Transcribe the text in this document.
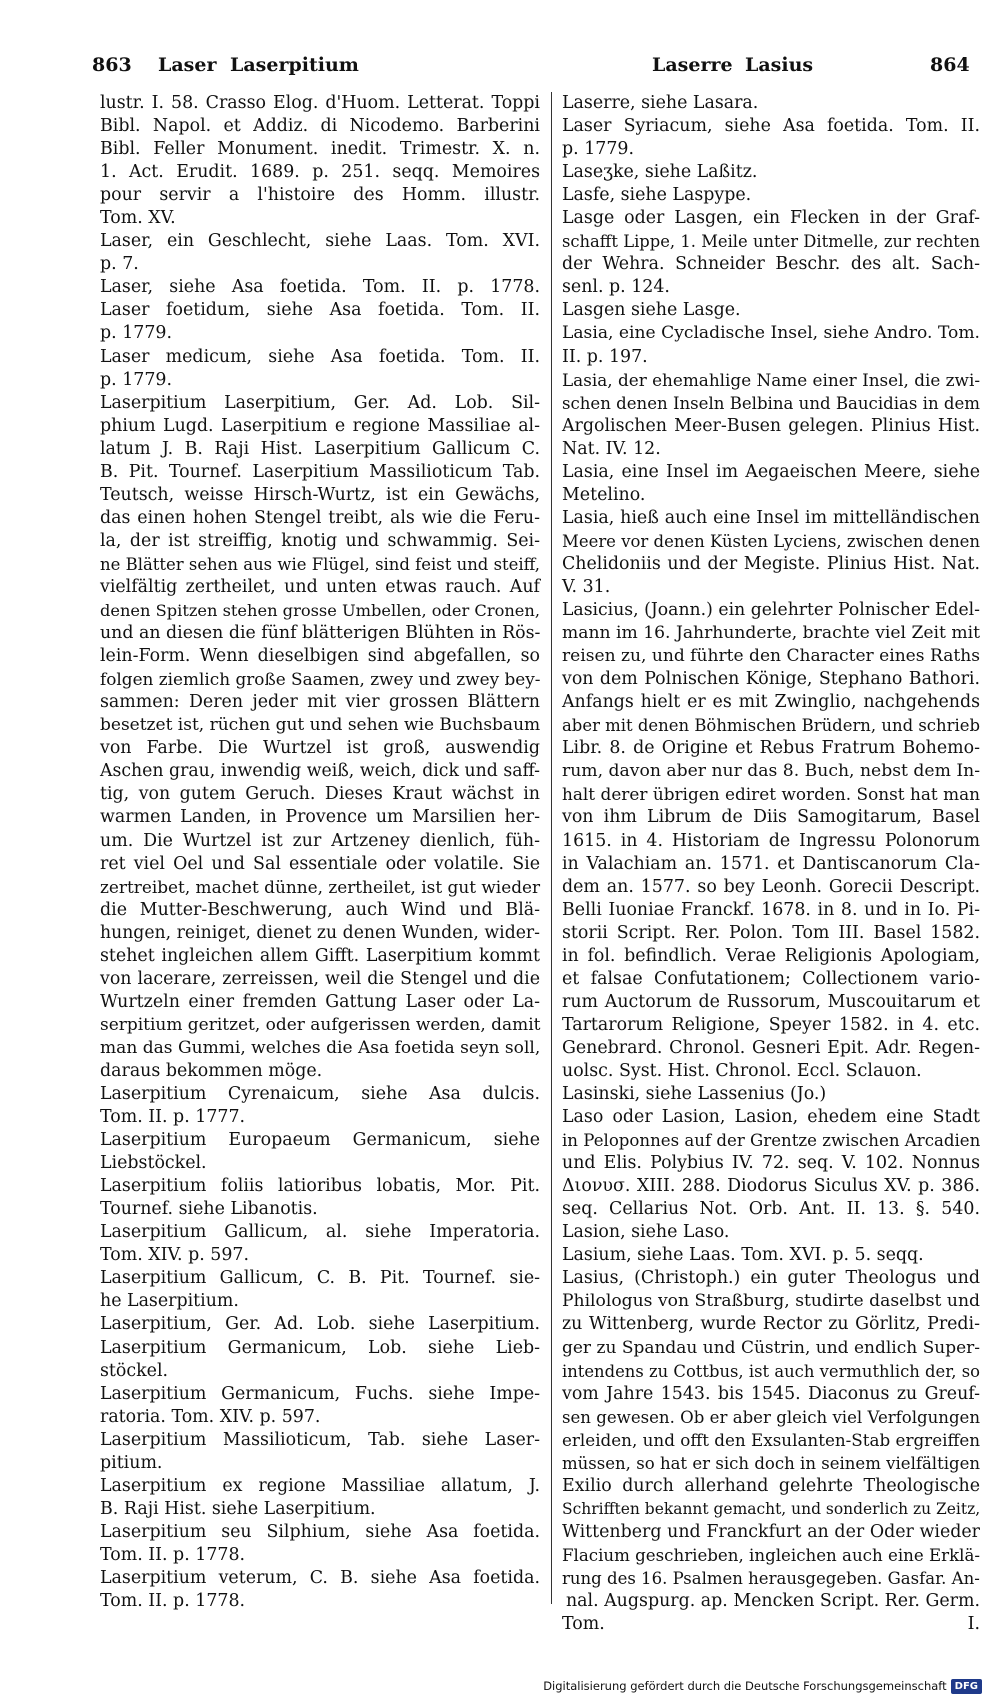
863 Laser Laserpitium	Laserre Lasius	864
lustr. I. 58. Crasso Elog. d'Huom. Letterat. Toppi
Bibl. Napol. et Addiz. di Nicodemo. Barberini
Bibl. Feller Monument. inedit. Trimestr. X. n.
1. Act. Erudit. 1689. p. 251. seqq. Memoires
pour servir a l'histoire des Homm. illustr.
Tom. XV.
Laser, ein Geschlecht, siehe Laas. Tom. XVI.
p. 7.
Laser, siehe Asa foetida. Tom. II. p. 1778.
Laser foetidum, siehe Asa foetida. Tom. II.
p. 1779.
Laser medicum, siehe Asa foetida. Tom. II.
p. 1779.
Laserpitium Laserpitium, Ger. Ad. Lob. Sil-
phium Lugd. Laserpitium e regione Massiliae al-
latum J. B. Raji Hist. Laserpitium Gallicum C.
B. Pit. Tournef. Laserpitium Massilioticum Tab.
Teutsch, weisse Hirsch-Wurtz, ist ein Gewächs,
das einen hohen Stengel treibt, als wie die Feru-
la, der ist streiffig, knotig und schwammig. Sei-
ne Blätter sehen aus wie Flügel, sind feist und steiff,
vielfältig zertheilet, und unten etwas rauch. Auf
denen Spitzen stehen grosse Umbellen, oder Cronen,
und an diesen die fünf blätterigen Blühten in Rös-
lein-Form. Wenn dieselbigen sind abgefallen, so
folgen ziemlich große Saamen, zwey und zwey bey-
sammen: Deren jeder mit vier grossen Blättern
besetzet ist, rüchen gut und sehen wie Buchsbaum
von Farbe. Die Wurtzel ist groß, auswendig
Aschen grau, inwendig weiß, weich, dick und saff-
tig, von gutem Geruch. Dieses Kraut wächst in
warmen Landen, in Provence um Marsilien her-
um. Die Wurtzel ist zur Artzeney dienlich, füh-
ret viel Oel und Sal essentiale oder volatile. Sie
zertreibet, machet dünne, zertheilet, ist gut wieder
die Mutter-Beschwerung, auch Wind und Blä-
hungen, reiniget, dienet zu denen Wunden, wider-
stehet ingleichen allem Gifft. Laserpitium kommt
von lacerare, zerreissen, weil die Stengel und die
Wurtzeln einer fremden Gattung Laser oder La-
serpitium geritzet, oder aufgerissen werden, damit
man das Gummi, welches die Asa foetida seyn soll,
daraus bekommen möge.
Laserpitium Cyrenaicum, siehe Asa dulcis.
Tom. II. p. 1777.
Laserpitium Europaeum Germanicum, siehe
Liebstöckel.
Laserpitium foliis latioribus lobatis, Mor. Pit.
Tournef. siehe Libanotis.
Laserpitium Gallicum, al. siehe Imperatoria.
Tom. XIV. p. 597.
Laserpitium Gallicum, C. B. Pit. Tournef. sie-
he Laserpitium.
Laserpitium, Ger. Ad. Lob. siehe Laserpitium.
Laserpitium Germanicum, Lob. siehe Lieb-
stöckel.
Laserpitium Germanicum, Fuchs. siehe Impe-
ratoria. Tom. XIV. p. 597.
Laserpitium Massilioticum, Tab. siehe Laser-
pitium.
Laserpitium ex regione Massiliae allatum, J.
B. Raji Hist. siehe Laserpitium.
Laserpitium seu Silphium, siehe Asa foetida.
Tom. II. p. 1778.
Laserpitium veterum, C. B. siehe Asa foetida.
Tom. II. p. 1778.
Laserre, siehe Lasara.
Laser Syriacum, siehe Asa foetida. Tom. II.
p. 1779.
Laseʒke, siehe Laßitz.
Lasfe, siehe Laspype.
Lasge oder Lasgen, ein Flecken in der Graf-
schafft Lippe, 1. Meile unter Ditmelle, zur rechten
der Wehra. Schneider Beschr. des alt. Sach-
senl. p. 124.
Lasgen siehe Lasge.
Lasia, eine Cycladische Insel, siehe Andro. Tom.
II. p. 197.
Lasia, der ehemahlige Name einer Insel, die zwi-
schen denen Inseln Belbina und Baucidias in dem
Argolischen Meer-Busen gelegen. Plinius Hist.
Nat. IV. 12.
Lasia, eine Insel im Aegaeischen Meere, siehe
Metelino.
Lasia, hieß auch eine Insel im mittelländischen
Meere vor denen Küsten Lyciens, zwischen denen
Chelidoniis und der Megiste. Plinius Hist. Nat.
V. 31.
Lasicius, (Joann.) ein gelehrter Polnischer Edel-
mann im 16. Jahrhunderte, brachte viel Zeit mit
reisen zu, und führte den Character eines Raths
von dem Polnischen Könige, Stephano Bathori.
Anfangs hielt er es mit Zwinglio, nachgehends
aber mit denen Böhmischen Brüdern, und schrieb
Libr. 8. de Origine et Rebus Fratrum Bohemo-
rum, davon aber nur das 8. Buch, nebst dem In-
halt derer übrigen ediret worden. Sonst hat man
von ihm Librum de Diis Samogitarum, Basel
1615. in 4. Historiam de Ingressu Polonorum
in Valachiam an. 1571. et Dantiscanorum Cla-
dem an. 1577. so bey Leonh. Gorecii Descript.
Belli Iuoniae Franckf. 1678. in 8. und in Io. Pi-
storii Script. Rer. Polon. Tom III. Basel 1582.
in fol. befindlich. Verae Religionis Apologiam,
et falsae Confutationem; Collectionem vario-
rum Auctorum de Russorum, Muscouitarum et
Tartarorum Religione, Speyer 1582. in 4. etc.
Genebrard. Chronol. Gesneri Epit. Adr. Regen-
uolsc. Syst. Hist. Chronol. Eccl. Sclauon.
Lasinski, siehe Lassenius (Jo.)
Laso oder Lasion, Lasion, ehedem eine Stadt
in Peloponnes auf der Grentze zwischen Arcadien
und Elis. Polybius IV. 72. seq. V. 102. Nonnus
Διονυσ. XIII. 288. Diodorus Siculus XV. p. 386.
seq. Cellarius Not. Orb. Ant. II. 13. §. 540.
Lasion, siehe Laso.
Lasium, siehe Laas. Tom. XVI. p. 5. seqq.
Lasius, (Christoph.) ein guter Theologus und
Philologus von Straßburg, studirte daselbst und
zu Wittenberg, wurde Rector zu Görlitz, Predi-
ger zu Spandau und Cüstrin, und endlich Super-
intendens zu Cottbus, ist auch vermuthlich der, so
vom Jahre 1543. bis 1545. Diaconus zu Greuf-
sen gewesen. Ob er aber gleich viel Verfolgungen
erleiden, und offt den Exsulanten-Stab ergreiffen
müssen, so hat er sich doch in seinem vielfältigen
Exilio durch allerhand gelehrte Theologische
Schrifften bekannt gemacht, und sonderlich zu Zeitz,
Wittenberg und Franckfurt an der Oder wieder
Flacium geschrieben, ingleichen auch eine Erklä-
rung des 16. Psalmen herausgegeben. Gasfar. An-
nal. Augspurg. ap. Mencken Script. Rer. Germ.
Tom. I.
Digitalisierung gefördert durch die Deutsche Forschungsgemeinschaft DFG
